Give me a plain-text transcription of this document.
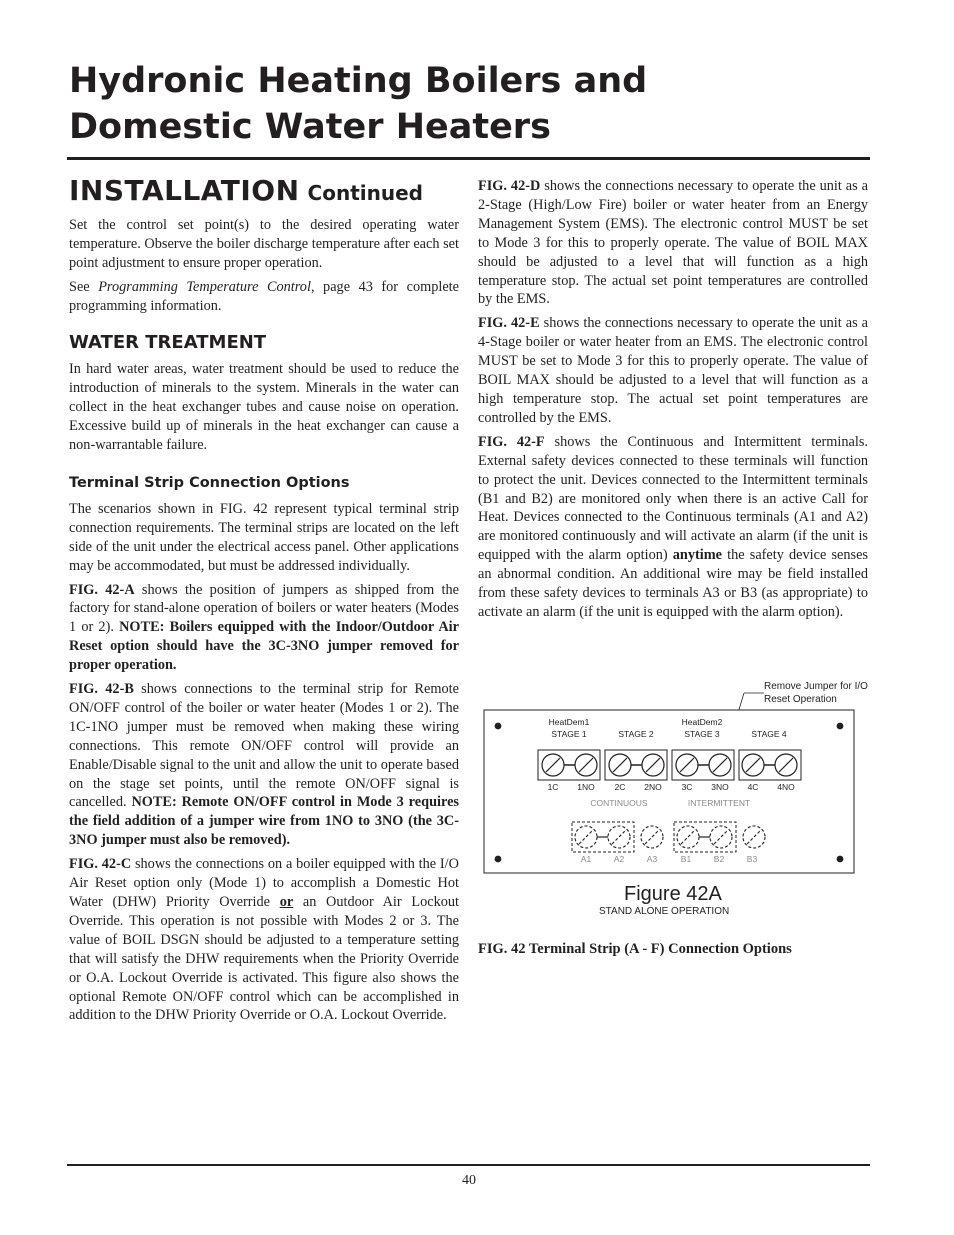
Hydronic Heating Boilers and
Domestic Water Heaters
INSTALLATION Continued

Set the control set point(s) to the desired operating water temperature. Observe the boiler discharge temperature after each set point adjustment to ensure proper operation.

See Programming Temperature Control, page 43 for complete programming information.

WATER TREATMENT

In hard water areas, water treatment should be used to reduce the introduction of minerals to the system. Minerals in the water can collect in the heat exchanger tubes and cause noise on operation. Excessive build up of minerals in the heat exchanger can cause a non-warrantable failure.

Terminal Strip Connection Options

The scenarios shown in FIG. 42 represent typical terminal strip connection requirements. The terminal strips are located on the left side of the unit under the electrical access panel. Other applications may be accommodated, but must be addressed individually.

FIG. 42-A shows the position of jumpers as shipped from the factory for stand-alone operation of boilers or water heaters (Modes 1 or 2). NOTE: Boilers equipped with the Indoor/Outdoor Air Reset option should have the 3C-3NO jumper removed for proper operation.

FIG. 42-B shows connections to the terminal strip for Remote ON/OFF control of the boiler or water heater (Modes 1 or 2). The 1C-1NO jumper must be removed when making these wiring connections. This remote ON/OFF control will provide an Enable/Disable signal to the unit and allow the unit to operate based on the stage set points, until the remote ON/OFF signal is cancelled. NOTE: Remote ON/OFF control in Mode 3 requires the field addition of a jumper wire from 1NO to 3NO (the 3C-3NO jumper must also be removed).

FIG. 42-C shows the connections on a boiler equipped with the I/O Air Reset option only (Mode 1) to accomplish a Domestic Hot Water (DHW) Priority Override or an Outdoor Air Lockout Override. This operation is not possible with Modes 2 or 3. The value of BOIL DSGN should be adjusted to a temperature setting that will satisfy the DHW requirements when the Priority Override or O.A. Lockout Override is activated. This figure also shows the optional Remote ON/OFF control which can be accomplished in addition to the DHW Priority Override or O.A. Lockout Override.

FIG. 42-D shows the connections necessary to operate the unit as a 2-Stage (High/Low Fire) boiler or water heater from an Energy Management System (EMS). The electronic control MUST be set to Mode 3 for this to properly operate. The value of BOIL MAX should be adjusted to a level that will function as a high temperature stop. The actual set point temperatures are controlled by the EMS.

FIG. 42-E shows the connections necessary to operate the unit as a 4-Stage boiler or water heater from an EMS. The electronic control MUST be set to Mode 3 for this to properly operate. The value of BOIL MAX should be adjusted to a level that will function as a high temperature stop. The actual set point temperatures are controlled by the EMS.

FIG. 42-F shows the Continuous and Intermittent terminals. External safety devices connected to these terminals will function to protect the unit. Devices connected to the Intermittent terminals (B1 and B2) are monitored only when there is an active Call for Heat. Devices connected to the Continuous terminals (A1 and A2) are monitored continuously and will activate an alarm (if the unit is equipped with the alarm option) anytime the safety device senses an abnormal condition. An additional wire may be field installed from these safety devices to terminals A3 or B3 (as appropriate) to activate an alarm (if the unit is equipped with the alarm option).

Remove Jumper for I/O
Reset Operation
HeatDem1	HeatDem2
STAGE 1	STAGE 2	STAGE 3	STAGE 4
1C 1NO 2C 2NO 3C 3NO 4C 4NO
CONTINUOUS	INTERMITTENT
A1	A2	A3	B1	B2	B3
Figure 42A
STAND ALONE OPERATION
FIG. 42 Terminal Strip (A - F) Connection Options
40
